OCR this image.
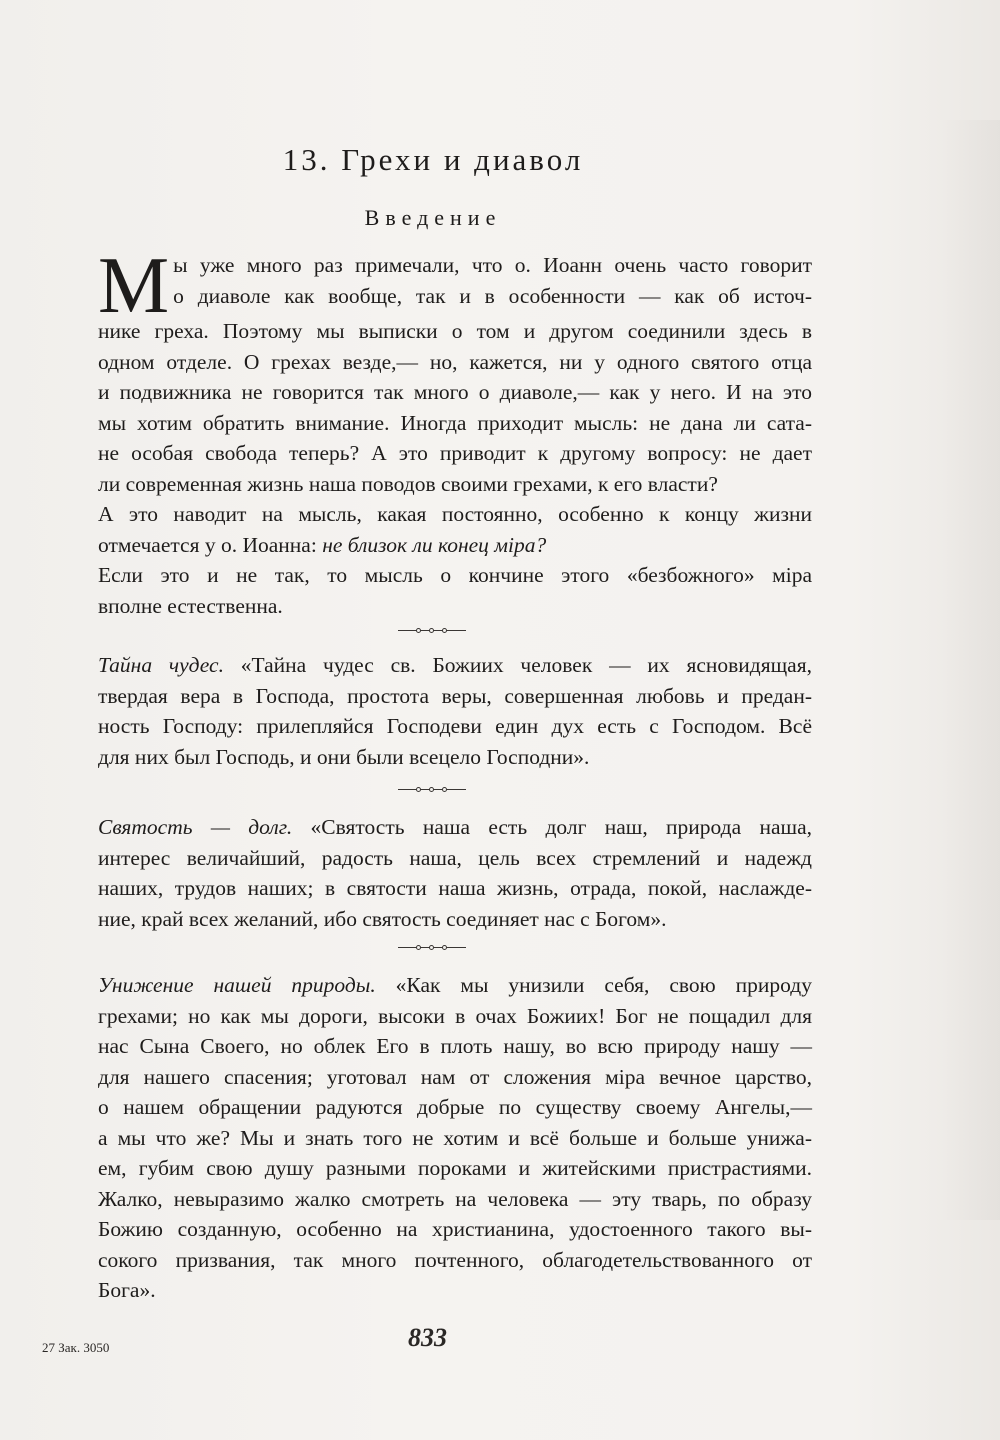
13. Грехи и диавол
Введение
М ы уже много раз примечали, что о. Иоанн очень часто говорит
о диаволе как вообще, так и в особенности — как об источ-
нике греха. Поэтому мы выписки о том и другом соединили здесь в
одном отделе. О грехах везде,— но, кажется, ни у одного святого отца
и подвижника не говорится так много о диаволе,— как у него. И на это
мы хотим обратить внимание. Иногда приходит мысль: не дана ли сата-
не особая свобода теперь? А это приводит к другому вопросу: не дает
ли современная жизнь наша поводов своими грехами, к его власти?
А это наводит на мысль, какая постоянно, особенно к концу жизни
отмечается у о. Иоанна: не близок ли конец міра?
Если это и не так, то мысль о кончине этого «безбожного» міра
вполне естественна.
Тайна чудес. «Тайна чудес св. Божиих человек — их ясновидящая,
твердая вера в Господа, простота веры, совершенная любовь и предан-
ность Господу: прилепляйся Господеви един дух есть с Господом. Всё
для них был Господь, и они были всецело Господни».
Святость — долг. «Святость наша есть долг наш, природа наша,
интерес величайший, радость наша, цель всех стремлений и надежд
наших, трудов наших; в святости наша жизнь, отрада, покой, наслажде-
ние, край всех желаний, ибо святость соединяет нас с Богом».
Унижение нашей природы. «Как мы унизили себя, свою природу
грехами; но как мы дороги, высоки в очах Божиих! Бог не пощадил для
нас Сына Своего, но облек Его в плоть нашу, во всю природу нашу —
для нашего спасения; уготовал нам от сложения міра вечное царство,
о нашем обращении радуются добрые по существу своему Ангелы,—
а мы что же? Мы и знать того не хотим и всё больше и больше унижа-
ем, губим свою душу разными пороками и житейскими пристрастиями.
Жалко, невыразимо жалко смотреть на человека — эту тварь, по образу
Божию созданную, особенно на христианина, удостоенного такого вы-
сокого призвания, так много почтенного, облагодетельствованного от
Бога».
27 Зак. 3050	833
